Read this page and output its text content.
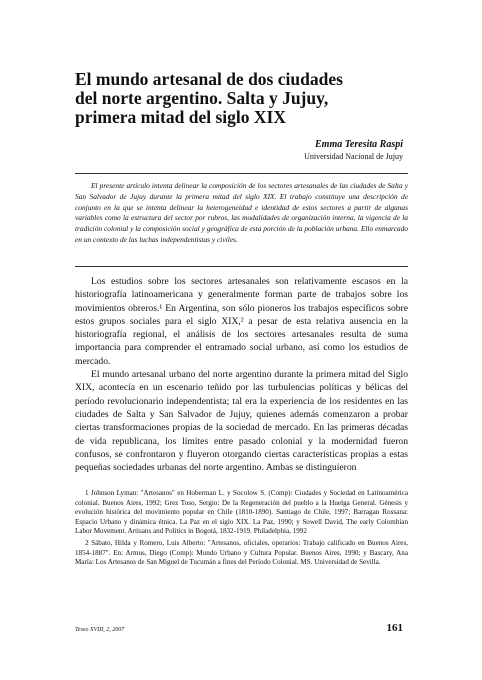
El mundo artesanal de dos ciudades
del norte argentino. Salta y Jujuy,
primera mitad del siglo XIX
Emma Teresita Raspi
Universidad Nacional de Jujuy
El presente artículo intenta delinear la composición de los sectores artesanales de las ciudades de Salta y San Salvador de Jujuy durante la primera mitad del siglo XIX. El trabajo constituye una descripción de conjunto en la que se intenta delinear la heterogeneidad e identidad de estos sectores a partir de algunas variables como la estructura del sector por rubros, las modalidades de organización interna, la vigencia de la tradición colonial y la composición social y geográfica de esta porción de la población urbana. Ello enmarcado en un contexto de las luchas independentistas y civiles.

Los estudios sobre los sectores artesanales son relativamente escasos en la historiografía latinoamericana y generalmente forman parte de trabajos sobre los movimientos obreros.¹ En Argentina, son sólo pioneros los trabajos específicos sobre estos grupos sociales para el siglo XIX,² a pesar de esta relativa ausencia en la historiografía regional, el análisis de los sectores artesanales resulta de suma importancia para comprender el entramado social urbano, así como los estudios de mercado.

El mundo artesanal urbano del norte argentino durante la primera mitad del Siglo XIX, acontecía en un escenario teñido por las turbulencias políticas y bélicas del período revolucionario independentista; tal era la experiencia de los residentes en las ciudades de Salta y San Salvador de Jujuy, quienes además comenzaron a probar ciertas transformaciones propias de la sociedad de mercado. En las primeras décadas de vida republicana, los límites entre pasado colonial y la modernidad fueron confusos, se confrontaron y fluyeron otorgando ciertas características propias a estas pequeñas sociedades urbanas del norte argentino. Ambas se distinguieron

1 Johnson Lyman: "Artesanos" en Hoberman L. y Socolow S. (Comp): Ciudades y Sociedad en Latinoamérica colonial. Buenos Aires, 1992; Grez Toso, Sergio: De la Regeneración del pueblo a la Huelga General. Génesis y evolución histórica del movimiento popular en Chile (1810-1890). Santiago de Chile, 1997; Barragan Rossana: Espacio Urbano y dinámica étnica. La Paz en el siglo XIX. La Paz, 1990; y Sowell David, The early Colombian Labor Movement. Artisans and Politics in Bogotá, 1832-1919. Philadelphia, 1992
2 Sábato, Hilda y Romero, Luis Alberto: "Artesanos, oficiales, operarios: Trabajo calificado en Buenos Aires, 1854-1887". En: Armus, Diego (Comp): Mundo Urbano y Cultura Popular. Buenos Aires, 1990; y Bascary, Ana María: Los Artesanos de San Miguel de Tucumán a fines del Período Colonial. MS. Universidad de Sevilla.
Teseo XVIII, 2, 2007	161
